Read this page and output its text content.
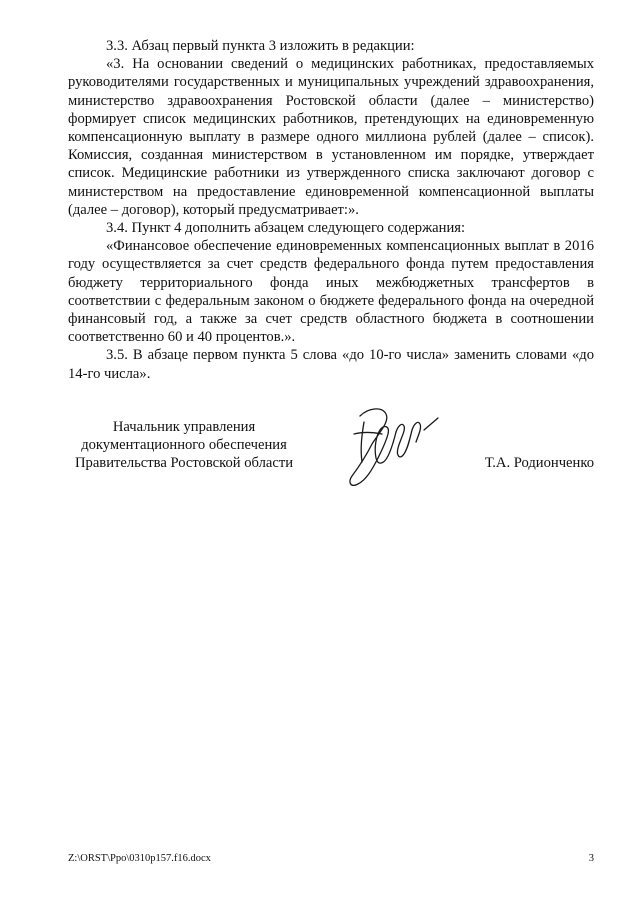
3.3. Абзац первый пункта 3 изложить в редакции:

«3. На основании сведений о медицинских работниках, предоставляемых руководителями государственных и муниципальных учреждений здравоохранения, министерство здравоохранения Ростовской области (далее – министерство) формирует список медицинских работников, претендующих на единовременную компенсационную выплату в размере одного миллиона рублей (далее – список). Комиссия, созданная министерством в установленном им порядке, утверждает список. Медицинские работники из утвержденного списка заключают договор с министерством на предоставление единовременной компенсационной выплаты (далее – договор), который предусматривает:».

3.4. Пункт 4 дополнить абзацем следующего содержания:

«Финансовое обеспечение единовременных компенсационных выплат в 2016 году осуществляется за счет средств федерального фонда путем предоставления бюджету территориального фонда иных межбюджетных трансфертов в соответствии с федеральным законом о бюджете федерального фонда на очередной финансовый год, а также за счет средств областного бюджета в соотношении соответственно 60 и 40 процентов.».

3.5. В абзаце первом пункта 5 слова «до 10-го числа» заменить словами «до 14-го числа».

Начальник управления
документационного обеспечения
Правительства Ростовской области	Т.А. Родионченко
Z:\ORST\Ppo\0310p157.f16.docx	3
